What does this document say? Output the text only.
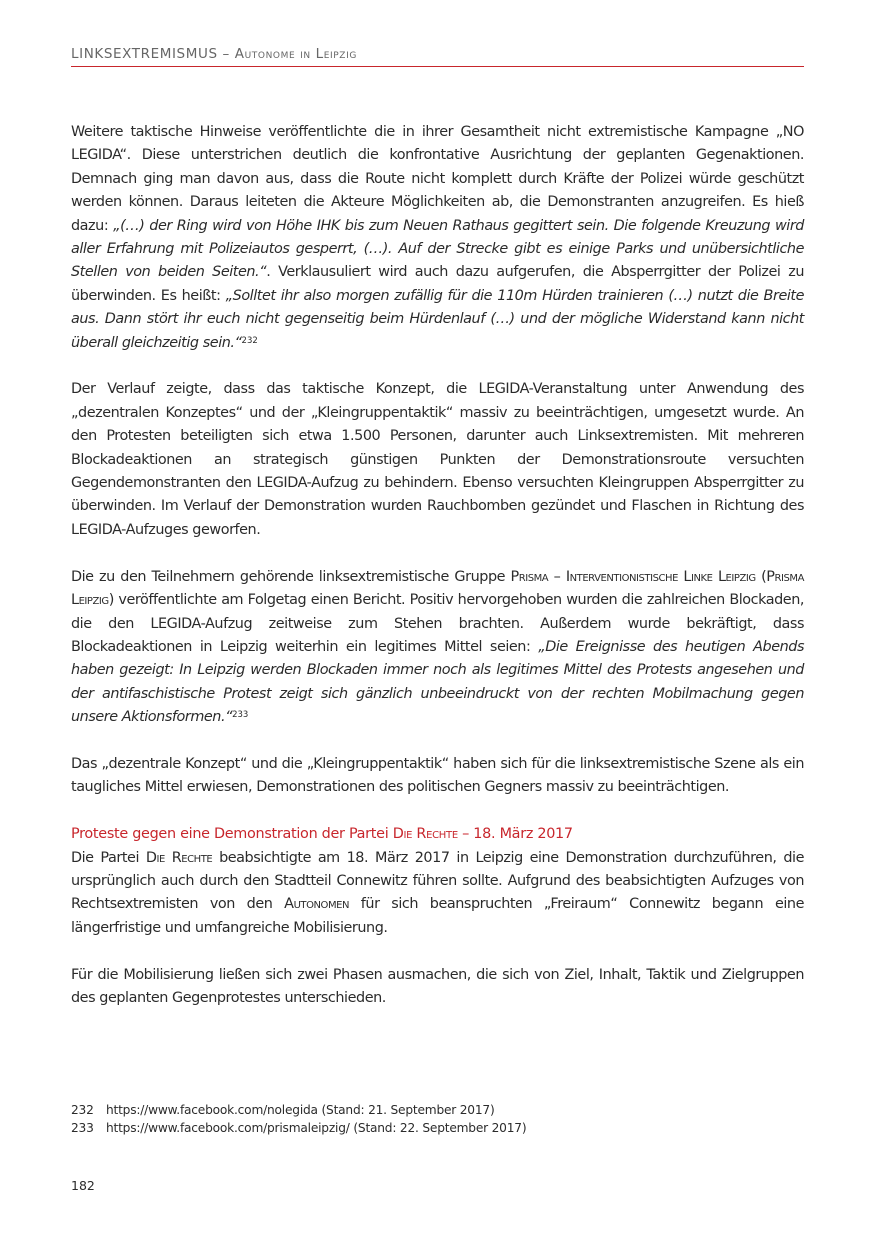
LINKSEXTREMISMUS – Autonome in Leipzig

Weitere taktische Hinweise veröffentlichte die in ihrer Gesamtheit nicht extremistische Kampagne „NO LEGIDA“. Diese unterstrichen deutlich die konfrontative Ausrichtung der geplanten Gegenaktionen. Demnach ging man davon aus, dass die Route nicht komplett durch Kräfte der Polizei würde geschützt werden können. Daraus leiteten die Akteure Möglichkeiten ab, die Demonstranten anzugreifen. Es hieß dazu: „(…) der Ring wird von Höhe IHK bis zum Neuen Rathaus gegittert sein. Die folgende Kreuzung wird aller Erfahrung mit Polizeiautos gesperrt, (…). Auf der Strecke gibt es einige Parks und unübersichtliche Stellen von beiden Seiten.“. Verklausuliert wird auch dazu aufgerufen, die Absperrgitter der Polizei zu überwinden. Es heißt: „Solltet ihr also morgen zufällig für die 110m Hürden trainieren (…) nutzt die Breite aus. Dann stört ihr euch nicht gegenseitig beim Hürdenlauf (…) und der mögliche Widerstand kann nicht überall gleichzeitig sein.“$^{232}$

Der Verlauf zeigte, dass das taktische Konzept, die LEGIDA-Veranstaltung unter Anwendung des „dezentralen Konzeptes“ und der „Kleingruppentaktik“ massiv zu beeinträchtigen, umgesetzt wurde. An den Protesten beteiligten sich etwa 1.500 Personen, darunter auch Linksextremisten. Mit mehreren Blockadeaktionen an strategisch günstigen Punkten der Demonstrationsroute versuchten Gegendemonstranten den LEGIDA-Aufzug zu behindern. Ebenso versuchten Kleingruppen Absperrgitter zu überwinden. Im Verlauf der Demonstration wurden Rauchbomben gezündet und Flaschen in Richtung des LEGIDA-Aufzuges geworfen.

Die zu den Teilnehmern gehörende linksextremistische Gruppe Prisma – Interventionistische Linke Leipzig (Prisma Leipzig) veröffentlichte am Folgetag einen Bericht. Positiv hervorgehoben wurden die zahlreichen Blockaden, die den LEGIDA-Aufzug zeitweise zum Stehen brachten. Außerdem wurde bekräftigt, dass Blockadeaktionen in Leipzig weiterhin ein legitimes Mittel seien: „Die Ereignisse des heutigen Abends haben gezeigt: In Leipzig werden Blockaden immer noch als legitimes Mittel des Protests angesehen und der antifaschistische Protest zeigt sich gänzlich unbeeindruckt von der rechten Mobilmachung gegen unsere Aktionsformen.“$^{233}$

Das „dezentrale Konzept“ und die „Kleingruppentaktik“ haben sich für die linksextremistische Szene als ein taugliches Mittel erwiesen, Demonstrationen des politischen Gegners massiv zu beeinträchtigen.

Proteste gegen eine Demonstration der Partei Die Rechte – 18. März 2017

Die Partei Die Rechte beabsichtigte am 18. März 2017 in Leipzig eine Demonstration durchzuführen, die ursprünglich auch durch den Stadtteil Connewitz führen sollte. Aufgrund des beabsichtigten Aufzuges von Rechtsextremisten von den Autonomen für sich beanspruchten „Freiraum“ Connewitz begann eine längerfristige und umfangreiche Mobilisierung.

Für die Mobilisierung ließen sich zwei Phasen ausmachen, die sich von Ziel, Inhalt, Taktik und Zielgruppen des geplanten Gegenprotestes unterschieden.

232 https://www.facebook.com/nolegida (Stand: 21. September 2017)
233 https://www.facebook.com/prismaleipzig/ (Stand: 22. September 2017)
182
